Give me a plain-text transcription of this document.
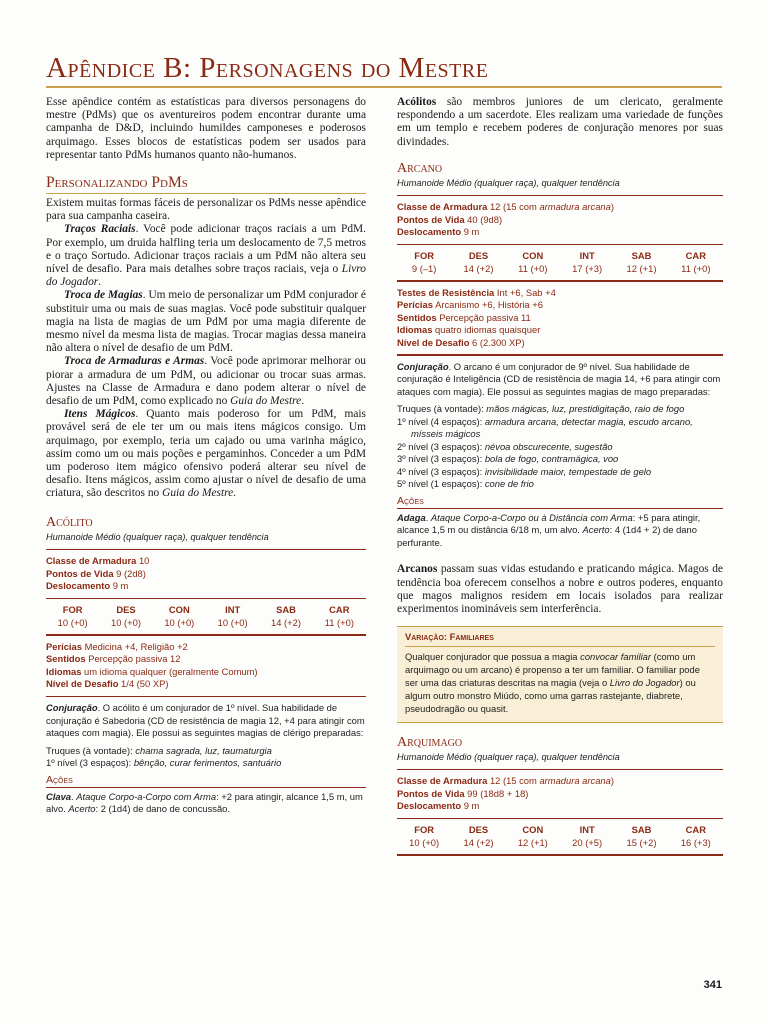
Apêndice B: Personagens do Mestre

Esse apêndice contém as estatísticas para diversos personagens do mestre (PdMs) que os aventureiros podem encontrar durante uma campanha de D&D, incluindo humildes camponeses e poderosos arquimago. Esses blocos de estatísticas podem ser usados para representar tanto PdMs humanos quanto não-humanos.

Personalizando PdMs

Existem muitas formas fáceis de personalizar os PdMs nesse apêndice para sua campanha caseira.

Traços Raciais. Você pode adicionar traços raciais a um PdM. Por exemplo, um druida halfling teria um deslocamento de 7,5 metros e o traço Sortudo. Adicionar traços raciais a um PdM não altera seu nível de desafio. Para mais detalhes sobre traços raciais, veja o Livro do Jogador.

Troca de Magias. Um meio de personalizar um PdM conjurador é substituir uma ou mais de suas magias. Você pode substituir qualquer magia na lista de magias de um PdM por uma magia diferente de mesmo nível da mesma lista de magias. Trocar magias dessa maneira não altera o nível de desafio de um PdM.

Troca de Armaduras e Armas. Você pode aprimorar melhorar ou piorar a armadura de um PdM, ou adicionar ou trocar suas armas. Ajustes na Classe de Armadura e dano podem alterar o nível de desafio de um PdM, como explicado no Guia do Mestre.

Itens Mágicos. Quanto mais poderoso for um PdM, mais provável será de ele ter um ou mais itens mágicos consigo. Um arquimago, por exemplo, teria um cajado ou uma varinha mágico, assim como um ou mais poções e pergaminhos. Conceder a um PdM um poderoso item mágico ofensivo poderá alterar seu nível de desafio. Itens mágicos, assim como ajustar o nível de desafio de uma criatura, são descritos no Guia do Mestre.

Acólito
Humanoide Médio (qualquer raça), qualquer tendência
Classe de Armadura 10
Pontos de Vida 9 (2d8)
Deslocamento 9 m
FOR	DES	CON	INT	SAB	CAR
10 (+0)	10 (+0)	10 (+0)	10 (+0)	14 (+2)	11 (+0)
Perícias Medicina +4, Religião +2
Sentidos Percepção passiva 12
Idiomas um idioma qualquer (geralmente Comum)
Nível de Desafio 1/4 (50 XP)
Conjuração. O acólito é um conjurador de 1º nível. Sua habilidade de conjuração é Sabedoria (CD de resistência de magia 12, +4 para atingir com ataques com magia). Ele possui as seguintes magias de clérigo preparadas:
Truques (à vontade): chama sagrada, luz, taumaturgia
1º nível (3 espaços): bênção, curar ferimentos, santuário
Ações
Clava. Ataque Corpo-a-Corpo com Arma: +2 para atingir, alcance 1,5 m, um alvo. Acerto: 2 (1d4) de dano de concussão.

Acólitos são membros juniores de um clericato, geralmente respondendo a um sacerdote. Eles realizam uma variedade de funções em um templo e recebem poderes de conjuração menores por suas divindades.

Arcano
Humanoide Médio (qualquer raça), qualquer tendência
Classe de Armadura 12 (15 com armadura arcana)
Pontos de Vida 40 (9d8)
Deslocamento 9 m
FOR	DES	CON	INT	SAB	CAR
9 (–1)	14 (+2)	11 (+0)	17 (+3)	12 (+1)	11 (+0)
Testes de Resistência Int +6, Sab +4
Perícias Arcanismo +6, História +6
Sentidos Percepção passiva 11
Idiomas quatro idiomas quaisquer
Nível de Desafio 6 (2.300 XP)
Conjuração. O arcano é um conjurador de 9º nível. Sua habilidade de conjuração é Inteligência (CD de resistência de magia 14, +6 para atingir com ataques com magia). Ele possui as seguintes magias de mago preparadas:
Truques (à vontade): mãos mágicas, luz, prestidigitação, raio de fogo
1º nível (4 espaços): armadura arcana, detectar magia, escudo arcano, mísseis mágicos
2º nível (3 espaços): névoa obscurecente, sugestão
3º nível (3 espaços): bola de fogo, contramágica, voo
4º nível (3 espaços): invisibilidade maior, tempestade de gelo
5º nível (1 espaços): cone de frio
Ações
Adaga. Ataque Corpo-a-Corpo ou à Distância com Arma: +5 para atingir, alcance 1,5 m ou distância 6/18 m, um alvo. Acerto: 4 (1d4 + 2) de dano perfurante.

Arcanos passam suas vidas estudando e praticando mágica. Magos de tendência boa oferecem conselhos a nobre e outros poderes, enquanto que magos malignos residem em locais isolados para realizar experimentos inomináveis sem interferência.

Variação: Familiares
Qualquer conjurador que possua a magia convocar familiar (como um arquimago ou um arcano) é propenso a ter um familiar. O familiar pode ser uma das criaturas descritas na magia (veja o Livro do Jogador) ou algum outro monstro Miúdo, como uma garras rastejante, diabrete, pseudodragão ou quasit.
Arquimago
Humanoide Médio (qualquer raça), qualquer tendência
Classe de Armadura 12 (15 com armadura arcana)
Pontos de Vida 99 (18d8 + 18)
Deslocamento 9 m
FOR	DES	CON	INT	SAB	CAR
10 (+0)	14 (+2)	12 (+1)	20 (+5)	15 (+2)	16 (+3)
341
